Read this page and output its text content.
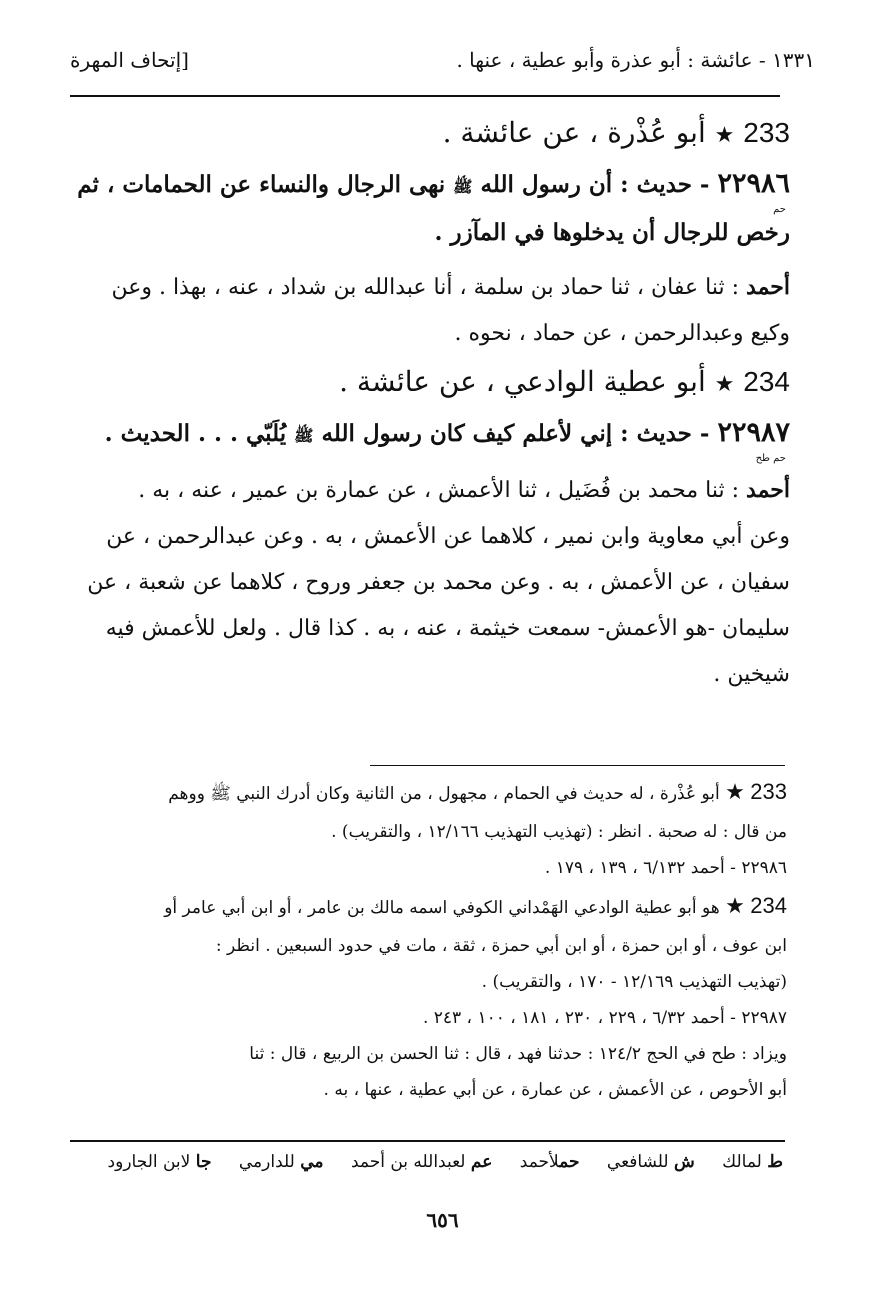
١٣٣١ - عائشة : أبو عذرة وأبو عطية ، عنها .
[إتحاف المهرة
233 ★ أبو عُذْرة ، عن عائشة .
٢٢٩٨٦
حم
- حديث : أن رسول الله ﷺ نهى الرجال والنساء عن الحمامات ، ثم
رخص للرجال أن يدخلوها في المآزر .
أحمد : ثنا عفان ، ثنا حماد بن سلمة ، أنا عبدالله بن شداد ، عنه ، بهذا . وعن
وكيع وعبدالرحمن ، عن حماد ، نحوه .
234 ★ أبو عطية الوادعي ، عن عائشة .
٢٢٩٨٧
حم طح
- حديث : إني لأعلم كيف كان رسول الله ﷺ يُلَبّي . . . الحديث .
أحمد : ثنا محمد بن فُضَيل ، ثنا الأعمش ، عن عمارة بن عمير ، عنه ، به .
وعن أبي معاوية وابن نمير ، كلاهما عن الأعمش ، به . وعن عبدالرحمن ، عن
سفيان ، عن الأعمش ، به . وعن محمد بن جعفر وروح ، كلاهما عن شعبة ، عن
سليمان -هو الأعمش- سمعت خيثمة ، عنه ، به . كذا قال . ولعل للأعمش فيه
شيخين .
233 ★ أبو عُذْرة ، له حديث في الحمام ، مجهول ، من الثانية وكان أدرك النبي ﷺ ووهم
من قال : له صحبة . انظر : (تهذيب التهذيب ١٢/١٦٦ ، والتقريب) .
٢٢٩٨٦ - أحمد ٦/١٣٢ ، ١٣٩ ، ١٧٩ .
234 ★ هو أبو عطية الوادعي الهَمْداني الكوفي اسمه مالك بن عامر ، أو ابن أبي عامر أو
ابن عوف ، أو ابن حمزة ، أو ابن أبي حمزة ، ثقة ، مات في حدود السبعين . انظر :
(تهذيب التهذيب ١٢/١٦٩ - ١٧٠ ، والتقريب) .
٢٢٩٨٧ - أحمد ٦/٣٢ ، ٢٢٩ ، ٢٣٠ ، ١٨١ ، ١٠٠ ، ٢٤٣ .
ويزاد : طح في الحج ١٢٤/٢ : حدثنا فهد ، قال : ثنا الحسن بن الربيع ، قال : ثنا
أبو الأحوص ، عن الأعمش ، عن عمارة ، عن أبي عطية ، عنها ، به .
ط لمالك ش للشافعي حملأحمد عم لعبدالله بن أحمد مي للدارمي جا لابن الجارود
٦٥٦
